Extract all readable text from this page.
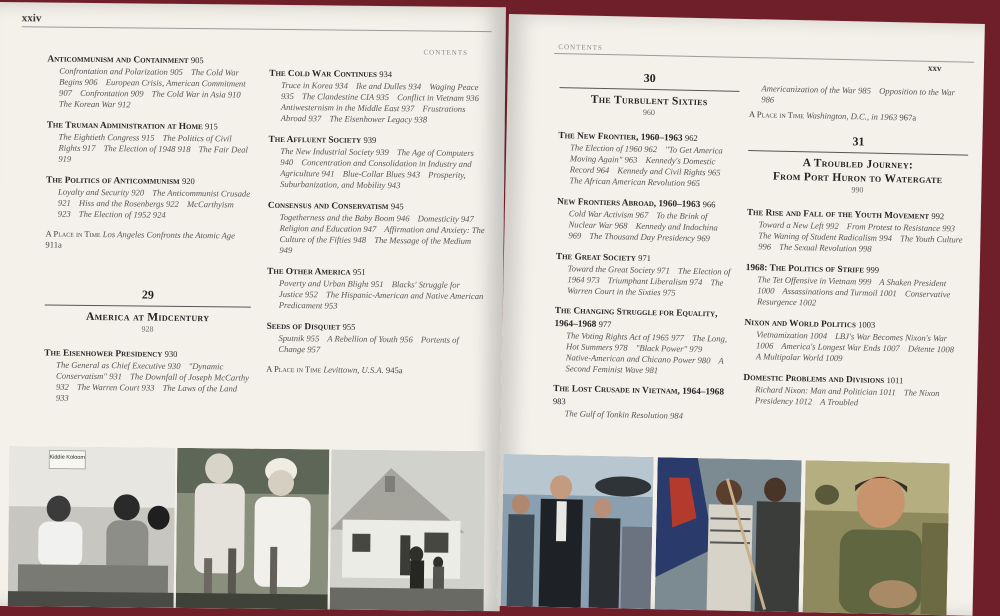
xxiv
CONTENTS
Anticommunism and Containment 905
Confrontation and Polarization 905 The Cold War Begins 906 European Crisis, American Commitment 907 Confrontation 909 The Cold War in Asia 910 The Korean War 912
The Truman Administration at Home 915
The Eightieth Congress 915 The Politics of Civil Rights 917 The Election of 1948 918 The Fair Deal 919
The Politics of Anticommunism 920
Loyalty and Security 920 The Anticommunist Crusade 921 Hiss and the Rosenbergs 922 McCarthyism 923 The Election of 1952 924
A Place in Time Los Angeles Confronts the Atomic Age 911a
29
America at Midcentury
928
The Eisenhower Presidency 930
The General as Chief Executive 930 "Dynamic Conservatism" 931 The Downfall of Joseph McCarthy 932 The Warren Court 933 The Laws of the Land 933
The Cold War Continues 934
Truce in Korea 934 Ike and Dulles 934 Waging Peace 935 The Clandestine CIA 935 Conflict in Vietnam 936 Antiwesternism in the Middle East 937 Frustrations Abroad 937 The Eisenhower Legacy 938
The Affluent Society 939
The New Industrial Society 939 The Age of Computers 940 Concentration and Consolidation in Industry and Agriculture 941 Blue-Collar Blues 943 Prosperity, Suburbanization, and Mobility 943
Consensus and Conservatism 945
Togetherness and the Baby Boom 946 Domesticity 947 Religion and Education 947 Affirmation and Anxiety: The Culture of the Fifties 948 The Message of the Medium 949
The Other America 951
Poverty and Urban Blight 951 Blacks' Struggle for Justice 952 The Hispanic-American and Native American Predicament 953
Seeds of Disquiet 955
Sputnik 955 A Rebellion of Youth 956 Portents of Change 957
A Place in Time Levittown, U.S.A. 945a
Kiddie Koloom
CONTENTS
xxv
30
The Turbulent Sixties
960
The New Frontier, 1960–1963 962
The Election of 1960 962 "To Get America Moving Again" 963 Kennedy's Domestic Record 964 Kennedy and Civil Rights 965 The African American Revolution 965
New Frontiers Abroad, 1960–1963 966
Cold War Activism 967 To the Brink of Nuclear War 968 Kennedy and Indochina 969 The Thousand Day Presidency 969
The Great Society 971
Toward the Great Society 971 The Election of 1964 973 Triumphant Liberalism 974 The Warren Court in the Sixties 975
The Changing Struggle for Equality, 1964–1968 977
The Voting Rights Act of 1965 977 The Long, Hot Summers 978 "Black Power" 979 Native-American and Chicano Power 980 A Second Feminist Wave 981
The Lost Crusade in Vietnam, 1964–1968 983
The Gulf of Tonkin Resolution 984
Americanization of the War 985 Opposition to the War 986
A Place in Time Washington, D.C., in 1963 967a
31
A Troubled Journey:
From Port Huron to Watergate
990
The Rise and Fall of the Youth Movement 992
Toward a New Left 992 From Protest to Resistance 993 The Waning of Student Radicalism 994 The Youth Culture 996 The Sexual Revolution 998
1968: The Politics of Strife 999
The Tet Offensive in Vietnam 999 A Shaken President 1000 Assassinations and Turmoil 1001 Conservative Resurgence 1002
Nixon and World Politics 1003
Vietnamization 1004 LBJ's War Becomes Nixon's War 1006 America's Longest War Ends 1007 Détente 1008 A Multipolar World 1009
Domestic Problems and Divisions 1011
Richard Nixon: Man and Politician 1011 The Nixon Presidency 1012 A Troubled
